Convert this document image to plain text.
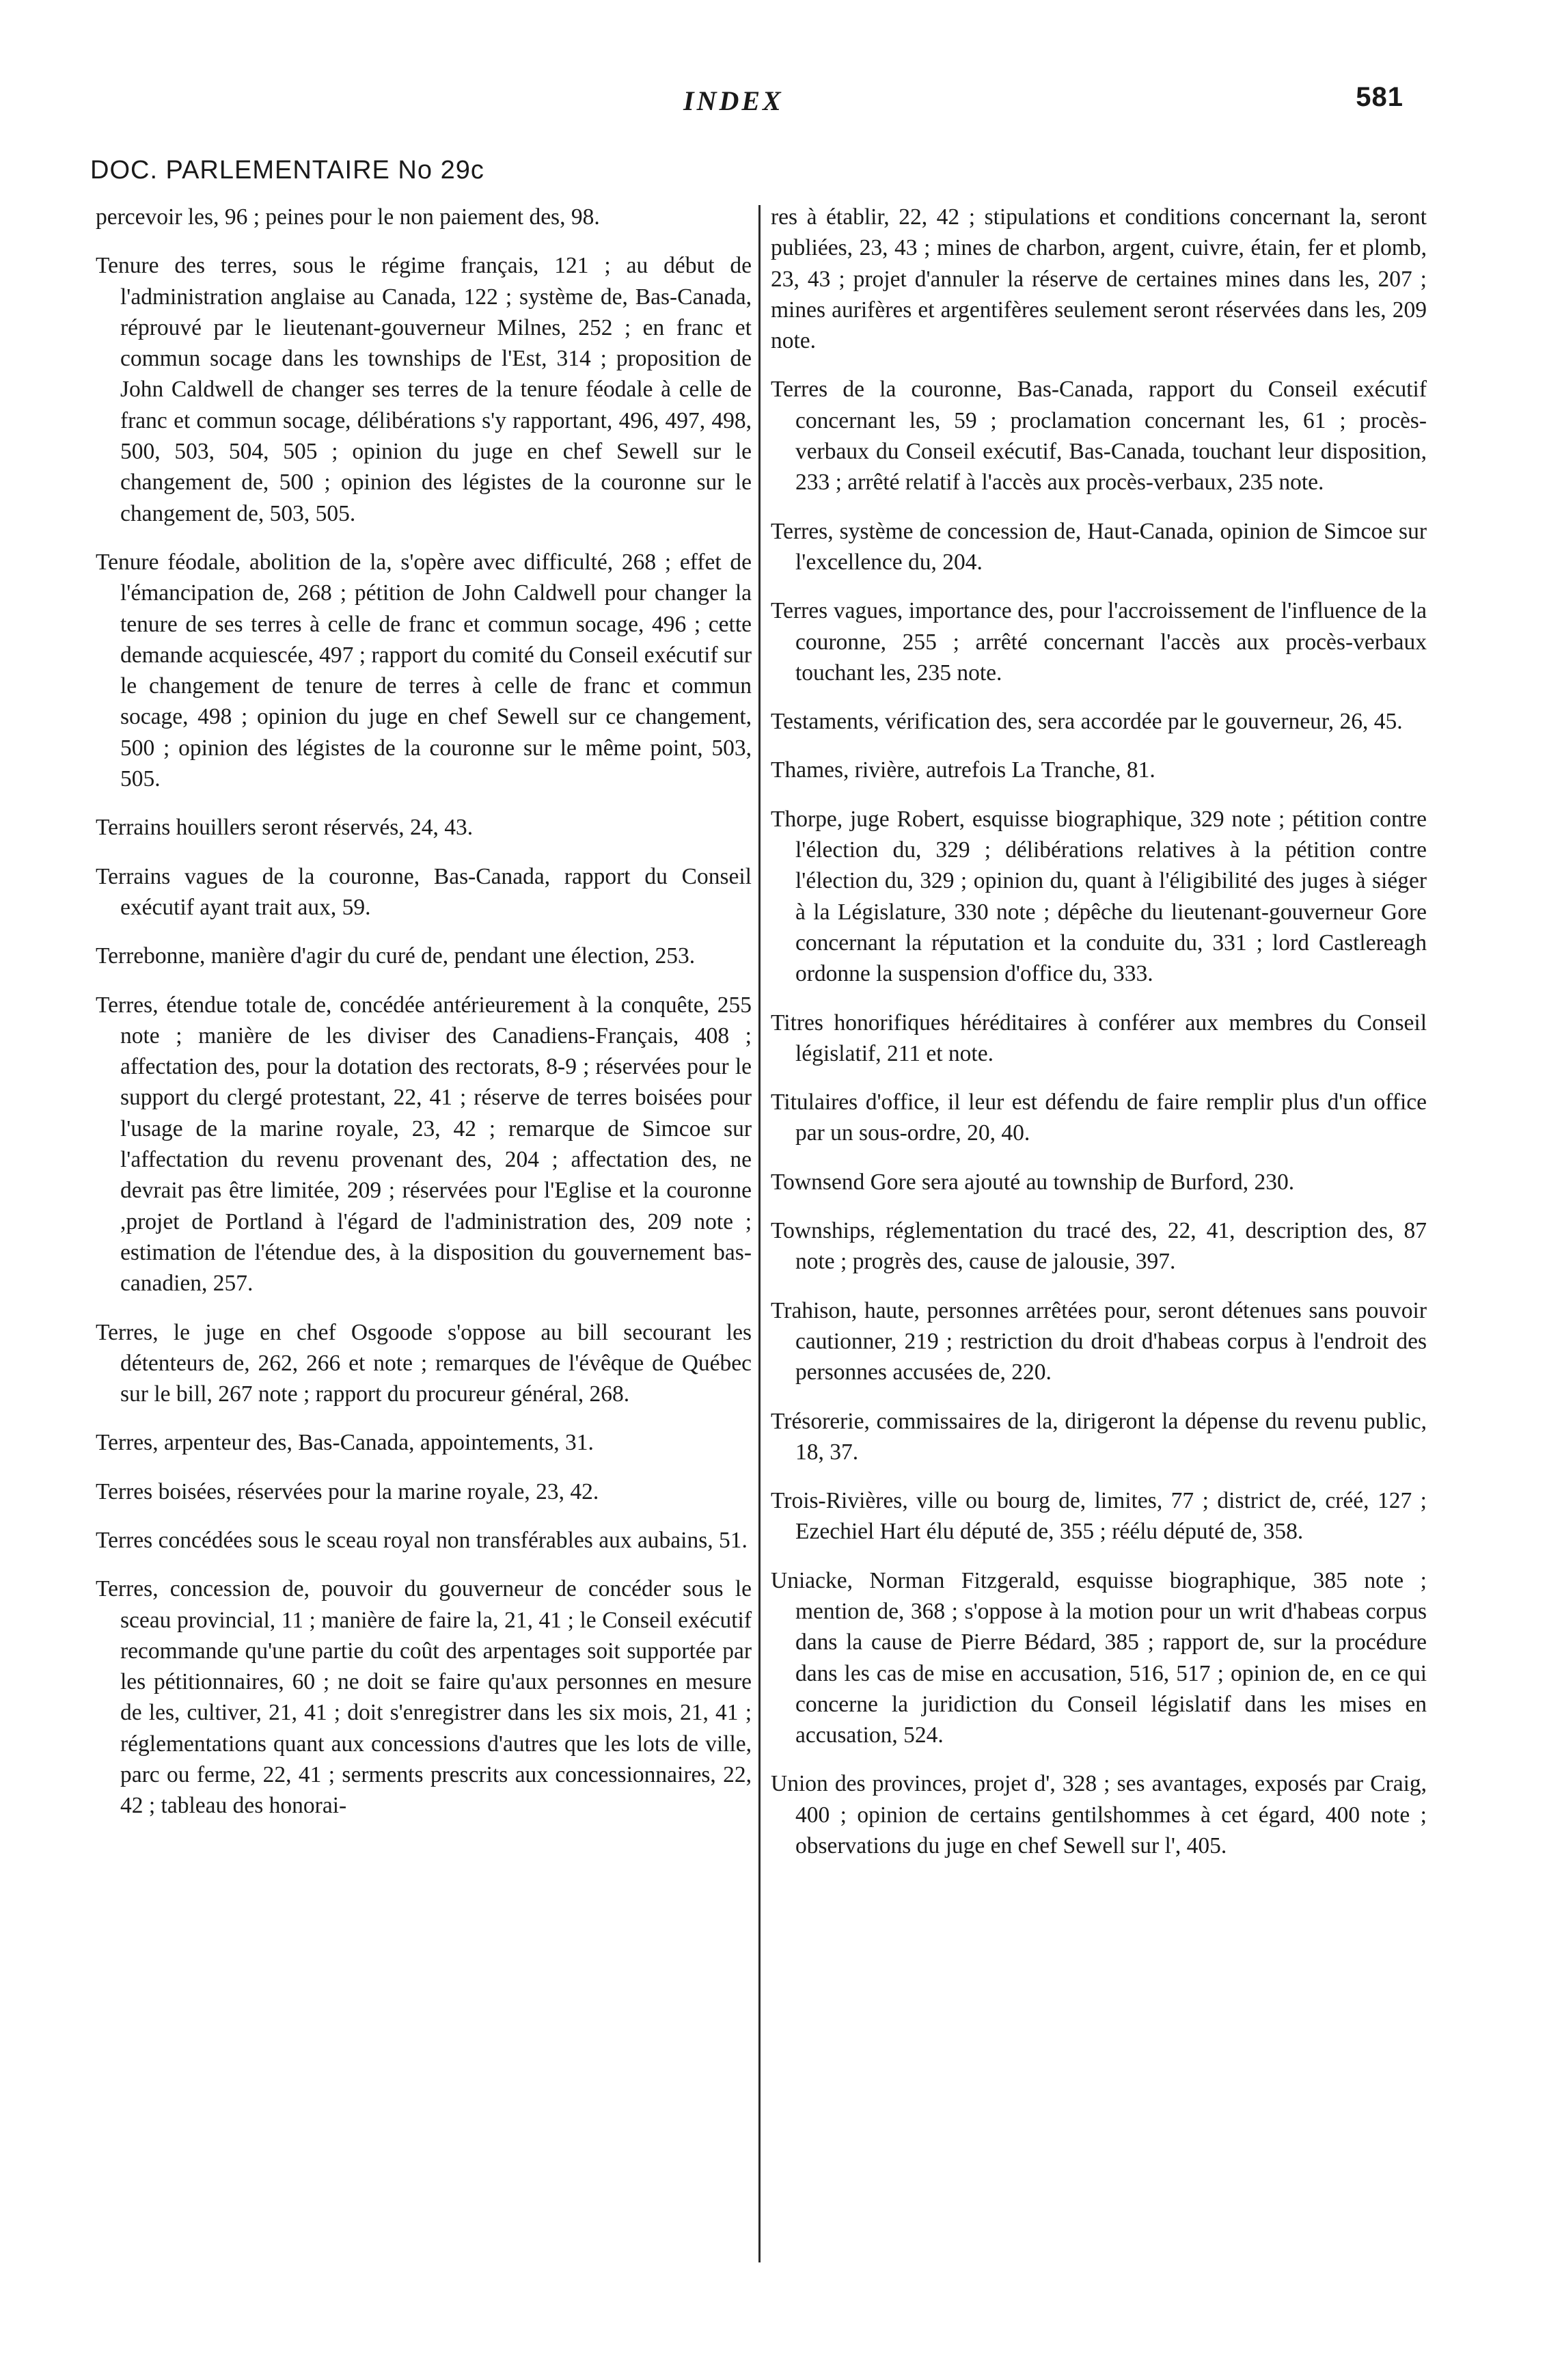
INDEX	581
DOC. PARLEMENTAIRE No 29c

percevoir les, 96 ; peines pour le non paiement des, 98.

Tenure des terres, sous le régime français, 121 ; au début de l'administration anglaise au Canada, 122 ; système de, Bas-Canada, réprouvé par le lieutenant-gouverneur Milnes, 252 ; en franc et commun socage dans les townships de l'Est, 314 ; proposition de John Caldwell de changer ses terres de la tenure féodale à celle de franc et commun socage, délibérations s'y rapportant, 496, 497, 498, 500, 503, 504, 505 ; opinion du juge en chef Sewell sur le changement de, 500 ; opinion des légistes de la couronne sur le changement de, 503, 505.

Tenure féodale, abolition de la, s'opère avec difficulté, 268 ; effet de l'émancipation de, 268 ; pétition de John Caldwell pour changer la tenure de ses terres à celle de franc et commun socage, 496 ; cette demande acquiescée, 497 ; rapport du comité du Conseil exécutif sur le changement de tenure de terres à celle de franc et commun socage, 498 ; opinion du juge en chef Sewell sur ce changement, 500 ; opinion des légistes de la couronne sur le même point, 503, 505.

Terrains houillers seront réservés, 24, 43.

Terrains vagues de la couronne, Bas-Canada, rapport du Conseil exécutif ayant trait aux, 59.

Terrebonne, manière d'agir du curé de, pendant une élection, 253.

Terres, étendue totale de, concédée antérieurement à la conquête, 255 note ; manière de les diviser des Canadiens-Français, 408 ; affectation des, pour la dotation des rectorats, 8-9 ; réservées pour le support du clergé protestant, 22, 41 ; réserve de terres boisées pour l'usage de la marine royale, 23, 42 ; remarque de Simcoe sur l'affectation du revenu provenant des, 204 ; affectation des, ne devrait pas être limitée, 209 ; réservées pour l'Eglise et la couronne ,projet de Portland à l'égard de l'administration des, 209 note ; estimation de l'étendue des, à la disposition du gouvernement bas-canadien, 257.

Terres, le juge en chef Osgoode s'oppose au bill secourant les détenteurs de, 262, 266 et note ; remarques de l'évêque de Québec sur le bill, 267 note ; rapport du procureur général, 268.

Terres, arpenteur des, Bas-Canada, appointements, 31.

Terres boisées, réservées pour la marine royale, 23, 42.

Terres concédées sous le sceau royal non transférables aux aubains, 51.

Terres, concession de, pouvoir du gouverneur de concéder sous le sceau provincial, 11 ; manière de faire la, 21, 41 ; le Conseil exécutif recommande qu'une partie du coût des arpentages soit supportée par les pétitionnaires, 60 ; ne doit se faire qu'aux personnes en mesure de les, cultiver, 21, 41 ; doit s'enregistrer dans les six mois, 21, 41 ; réglementations quant aux concessions d'autres que les lots de ville, parc ou ferme, 22, 41 ; serments prescrits aux concessionnaires, 22, 42 ; tableau des honorai-

res à établir, 22, 42 ; stipulations et conditions concernant la, seront publiées, 23, 43 ; mines de charbon, argent, cuivre, étain, fer et plomb, 23, 43 ; projet d'annuler la réserve de certaines mines dans les, 207 ; mines aurifères et argentifères seulement seront réservées dans les, 209 note.

Terres de la couronne, Bas-Canada, rapport du Conseil exécutif concernant les, 59 ; proclamation concernant les, 61 ; procès-verbaux du Conseil exécutif, Bas-Canada, touchant leur disposition, 233 ; arrêté relatif à l'accès aux procès-verbaux, 235 note.

Terres, système de concession de, Haut-Canada, opinion de Simcoe sur l'excellence du, 204.

Terres vagues, importance des, pour l'accroissement de l'influence de la couronne, 255 ; arrêté concernant l'accès aux procès-verbaux touchant les, 235 note.

Testaments, vérification des, sera accordée par le gouverneur, 26, 45.

Thames, rivière, autrefois La Tranche, 81.

Thorpe, juge Robert, esquisse biographique, 329 note ; pétition contre l'élection du, 329 ; délibérations relatives à la pétition contre l'élection du, 329 ; opinion du, quant à l'éligibilité des juges à siéger à la Législature, 330 note ; dépêche du lieutenant-gouverneur Gore concernant la réputation et la conduite du, 331 ; lord Castlereagh ordonne la suspension d'office du, 333.

Titres honorifiques héréditaires à conférer aux membres du Conseil législatif, 211 et note.

Titulaires d'office, il leur est défendu de faire remplir plus d'un office par un sous-ordre, 20, 40.

Townsend Gore sera ajouté au township de Burford, 230.

Townships, réglementation du tracé des, 22, 41, description des, 87 note ; progrès des, cause de jalousie, 397.

Trahison, haute, personnes arrêtées pour, seront détenues sans pouvoir cautionner, 219 ; restriction du droit d'habeas corpus à l'endroit des personnes accusées de, 220.

Trésorerie, commissaires de la, dirigeront la dépense du revenu public, 18, 37.

Trois-Rivières, ville ou bourg de, limites, 77 ; district de, créé, 127 ; Ezechiel Hart élu député de, 355 ; réélu député de, 358.

Uniacke, Norman Fitzgerald, esquisse biographique, 385 note ; mention de, 368 ; s'oppose à la motion pour un writ d'habeas corpus dans la cause de Pierre Bédard, 385 ; rapport de, sur la procédure dans les cas de mise en accusation, 516, 517 ; opinion de, en ce qui concerne la juridiction du Conseil législatif dans les mises en accusation, 524.

Union des provinces, projet d', 328 ; ses avantages, exposés par Craig, 400 ; opinion de certains gentilshommes à cet égard, 400 note ; observations du juge en chef Sewell sur l', 405.
